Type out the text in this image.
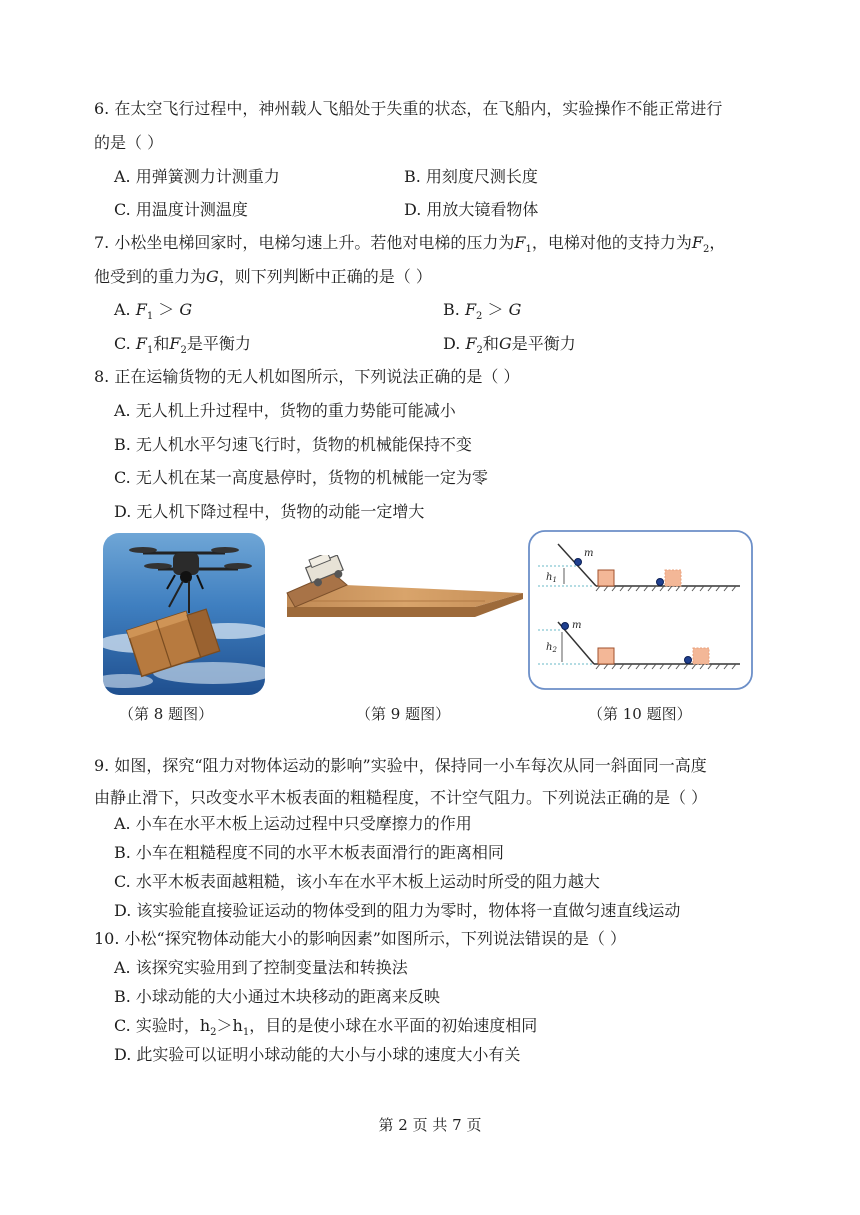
6. 在太空飞行过程中，神州载人飞船处于失重的状态，在飞船内，实验操作不能正常进行
的是（ ）
A. 用弹簧测力计测重力	B. 用刻度尺测长度
C. 用温度计测温度	D. 用放大镜看物体
7. 小松坐电梯回家时，电梯匀速上升。若他对电梯的压力为$F_1$，电梯对他的支持力为$F_2$，
他受到的重力为G，则下列判断中正确的是（ ）
A. $F_1 > G$	B. $F_2 > G$
C. $F_1$和$F_2$是平衡力	D. $F_2$和G是平衡力
8. 正在运输货物的无人机如图所示，下列说法正确的是（ ）
A. 无人机上升过程中，货物的重力势能可能减小
B. 无人机水平匀速飞行时，货物的机械能保持不变
C. 无人机在某一高度悬停时，货物的机械能一定为零
D. 无人机下降过程中，货物的动能一定增大
m
$h_1$
m
$h_2$
（第 8 题图）	（第 9 题图）	（第 10 题图）
9. 如图，探究“阻力对物体运动的影响”实验中，保持同一小车每次从同一斜面同一高度
由静止滑下，只改变水平木板表面的粗糙程度，不计空气阻力。下列说法正确的是（ ）
A. 小车在水平木板上运动过程中只受摩擦力的作用
B. 小车在粗糙程度不同的水平木板表面滑行的距离相同
C. 水平木板表面越粗糙，该小车在水平木板上运动时所受的阻力越大
D. 该实验能直接验证运动的物体受到的阻力为零时，物体将一直做匀速直线运动
10. 小松“探究物体动能大小的影响因素”如图所示，下列说法错误的是（ ）
A. 该探究实验用到了控制变量法和转换法
B. 小球动能的大小通过木块移动的距离来反映
C. 实验时，$h_2>h_1$，目的是使小球在水平面的初始速度相同
D. 此实验可以证明小球动能的大小与小球的速度大小有关
第 2 页 共 7 页
